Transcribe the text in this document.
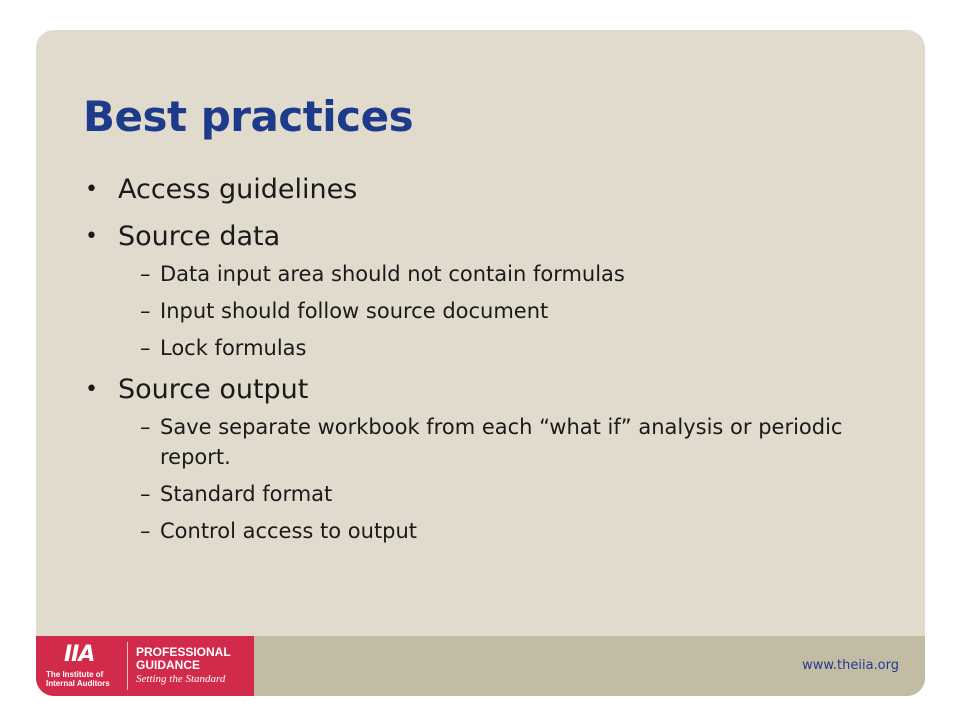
Best practices
• Access guidelines
• Source data
– Data input area should not contain formulas
– Input should follow source document
– Lock formulas
• Source output
– Save separate workbook from each “what if” analysis or periodic report.
– Standard format
– Control access to output
IIA
The Institute of Internal Auditors
PROFESSIONAL
GUIDANCE
Setting the Standard
www.theiia.org
